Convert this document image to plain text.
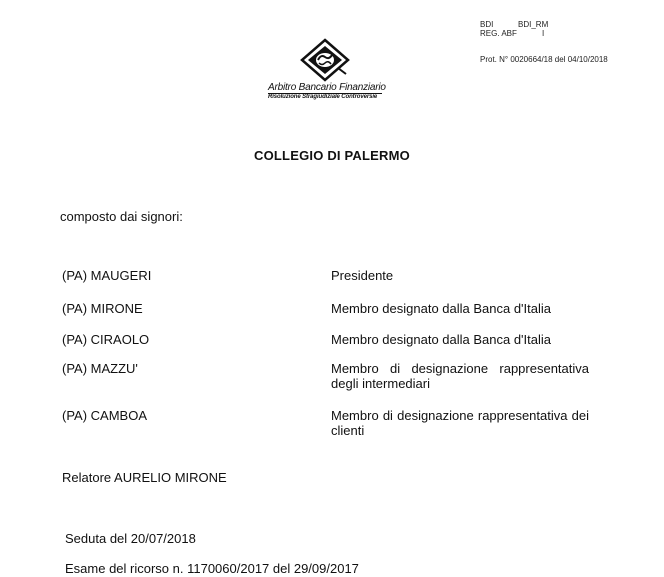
BDI	BDI_RM
REG. ABF	I
Prot. N° 0020664/18 del 04/10/2018
Arbitro Bancario Finanziario
Risoluzione Stragiudiziale Controversie
COLLEGIO DI PALERMO
composto dai signori:
(PA) MAUGERI	Presidente
(PA) MIRONE	Membro designato dalla Banca d'Italia
(PA) CIRAOLO	Membro designato dalla Banca d'Italia
(PA) MAZZU'	Membro di designazione rappresentativa degli intermediari
(PA) CAMBOA	Membro di designazione rappresentativa dei clienti
Relatore AURELIO MIRONE
Seduta del 20/07/2018
Esame del ricorso n. 1170060/2017 del 29/09/2017
